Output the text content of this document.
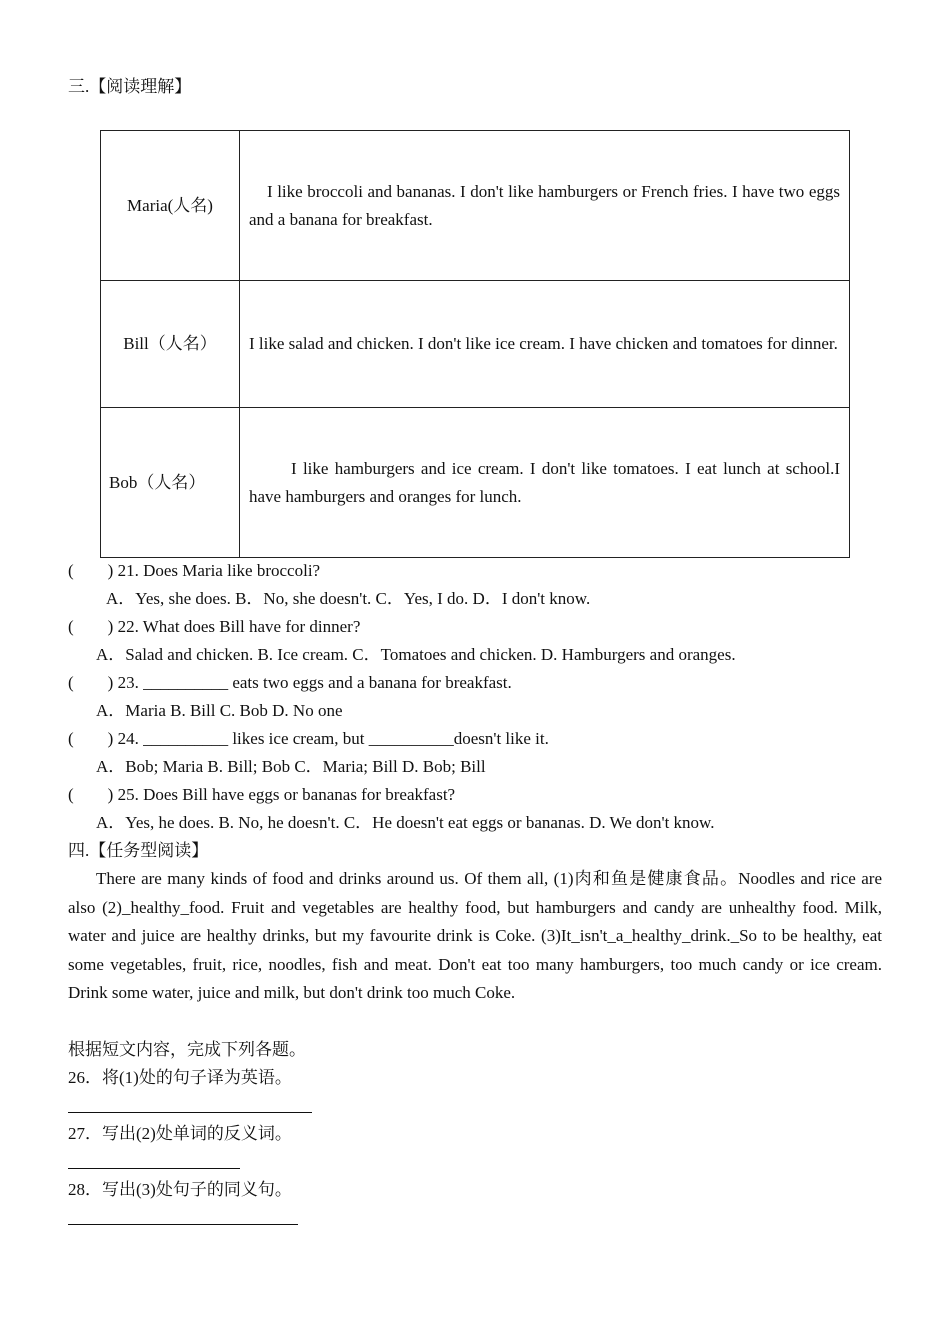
三.【阅读理解】
Maria(人名)	I like broccoli and bananas. I don't like hamburgers or French fries. I have two eggs and a banana for breakfast.
Bill（人名）	I like salad and chicken. I don't like ice cream. I have chicken and tomatoes for dinner.
Bob（人名）	I like hamburgers and ice cream. I don't like tomatoes. I eat lunch at school.I have hamburgers and oranges for lunch.
(　　) 21. Does Maria like broccoli?
A．Yes, she does. B．No, she doesn't. C．Yes, I do. D．I don't know.
(　　) 22. What does Bill have for dinner?
A．Salad and chicken. B. Ice cream. C．Tomatoes and chicken. D. Hamburgers and oranges.
(　　) 23. __________ eats two eggs and a banana for breakfast.
A．Maria B. Bill C. Bob D. No one
(　　) 24. __________ likes ice cream, but __________doesn't like it.
A．Bob; Maria B. Bill; Bob C．Maria; Bill D. Bob; Bill
(　　) 25. Does Bill have eggs or bananas for breakfast?
A．Yes, he does. B. No, he doesn't. C．He doesn't eat eggs or bananas. D. We don't know.
四.【任务型阅读】
There are many kinds of food and drinks around us. Of them all, (1)肉和鱼是健康食品。Noodles and rice are also (2)_healthy_food. Fruit and vegetables are healthy food, but hamburgers and candy are unhealthy food. Milk, water and juice are healthy drinks, but my favourite drink is Coke. (3)It_isn't_a_healthy_drink._So to be healthy, eat some vegetables, fruit, rice, noodles, fish and meat. Don't eat too many hamburgers, too much candy or ice cream. Drink some water, juice and milk, but don't drink too much Coke.
根据短文内容，完成下列各题。
26．将(1)处的句子译为英语。
27．写出(2)处单词的反义词。
28．写出(3)处句子的同义句。
